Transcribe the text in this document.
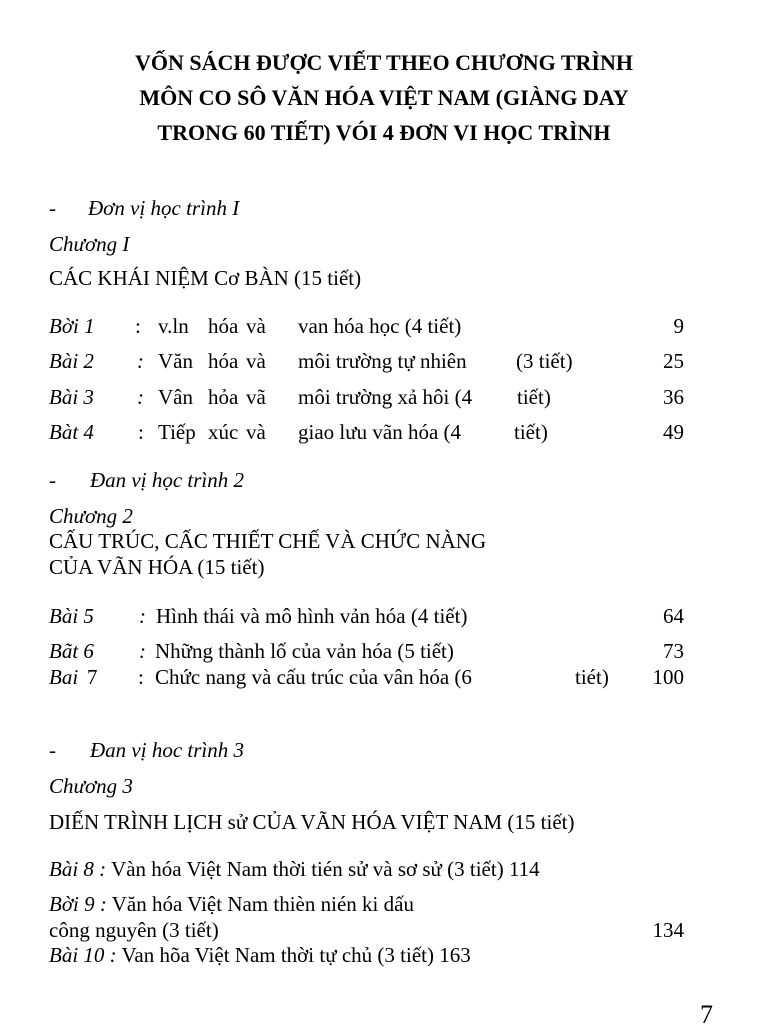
VỐN SÁCH ĐƯỢC VIẾT THEO CHƯƠNG TRÌNH
MÔN CO SÔ VĂN HÓA VIỆT NAM (GIÀNG DAY
TRONG 60 TIẾT) VÓI 4 ĐƠN VI HỌC TRÌNH
- Đơn vị học trình I
Chương I
CÁC KHÁI NIỆM Cơ BÀN (15 tiết)
Bời 1 : v.ln hóa và van hóa học (4 tiết)	9
Bài 2 : Văn hóa và môi trường tự nhiên (3 tiết)	25
Bài 3 : Vân hỏa vã môi trường xả hôi (4 tiết)	36
Bàt 4 : Tiếp xúc và giao lưu vãn hóa (4	tiết)	49
- Đan vị học trình 2
Chương 2
CẤU TRÚC, CẤC THIẾT CHẾ VÀ CHỨC NÀNG
CỦA VÃN HÓA (15 tiết)
Bài 5 : Hình thái và mô hình vản hóa (4 tiết)	64
Bãt 6 : Những thành lố của vản hóa (5 tiết)	73
Bai 7 : Chức nang và cấu trúc của vân hóa (6	tiét) 100
- Đan vị hoc trình 3
Chương 3
DIẾN TRÌNH LỊCH sử CỦA VÃN HÓA VIỆT NAM (15 tiết)
Bài 8 : Vàn hóa Việt Nam thời tién sử và sơ sử (3 tiết) 114
Bời 9 : Văn hóa Việt Nam thièn nién ki dấu
công nguyên (3 tiết)	134
Bài 10 : Van hõa Việt Nam thời tự chủ (3 tiết) 163
7
